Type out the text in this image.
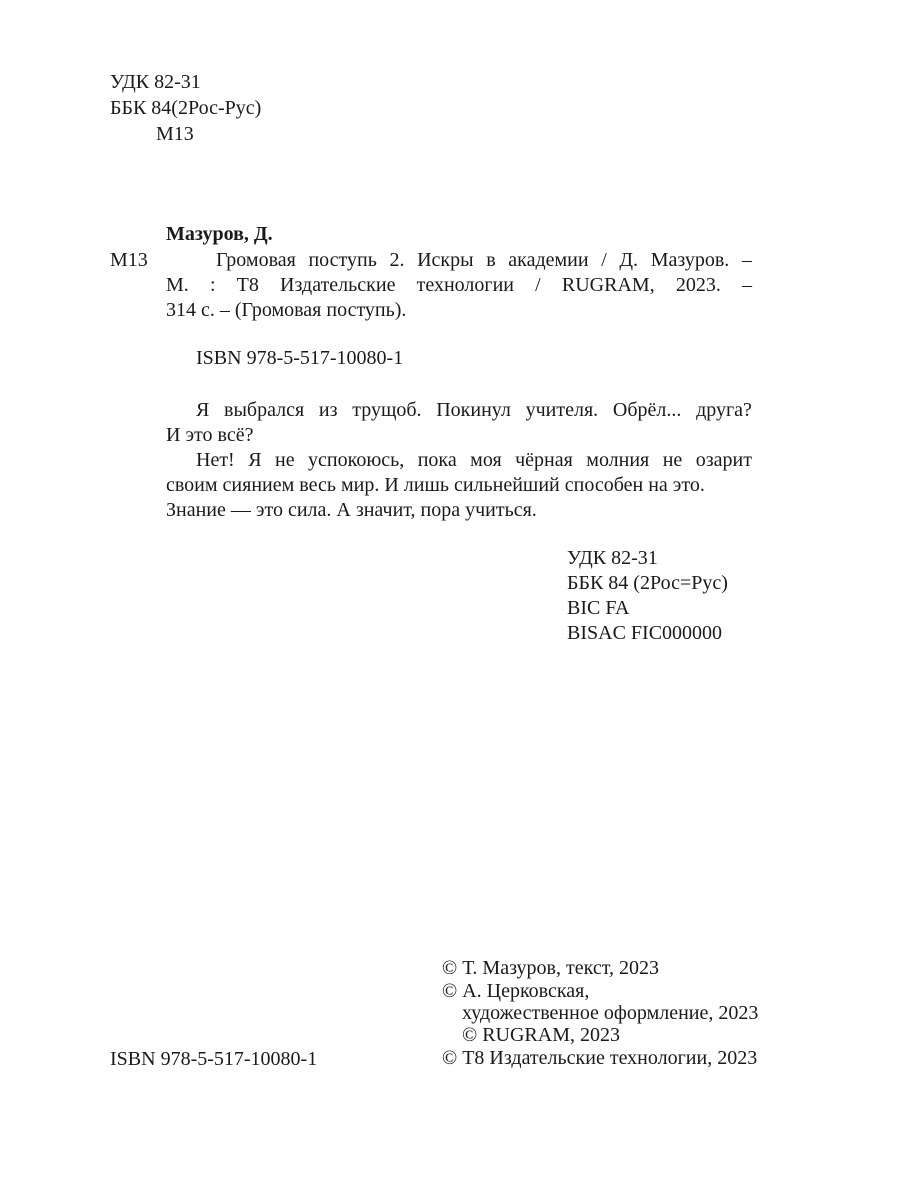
УДК 82-31
ББК 84(2Рос-Рус)
М13
Мазуров, Д.
М13	Громовая поступь 2. Искры в академии / Д. Мазуров. –
М. : Т8 Издательские технологии / RUGRAM, 2023. –
314 с. – (Громовая поступь).
ISBN 978-5-517-10080-1
Я выбрался из трущоб. Покинул учителя. Обрёл... друга?
И это всё?
Нет! Я не успокоюсь, пока моя чёрная молния не озарит
своим сиянием весь мир. И лишь сильнейший способен на это.
Знание — это сила. А значит, пора учиться.
УДК 82-31
ББК 84 (2Рос=Рус)
BIC FA
BISAC FIC000000
ISBN 978-5-517-10080-1
© Т. Мазуров, текст, 2023
© А. Церковская,
художественное оформление, 2023
© RUGRAM, 2023
© Т8 Издательские технологии, 2023
